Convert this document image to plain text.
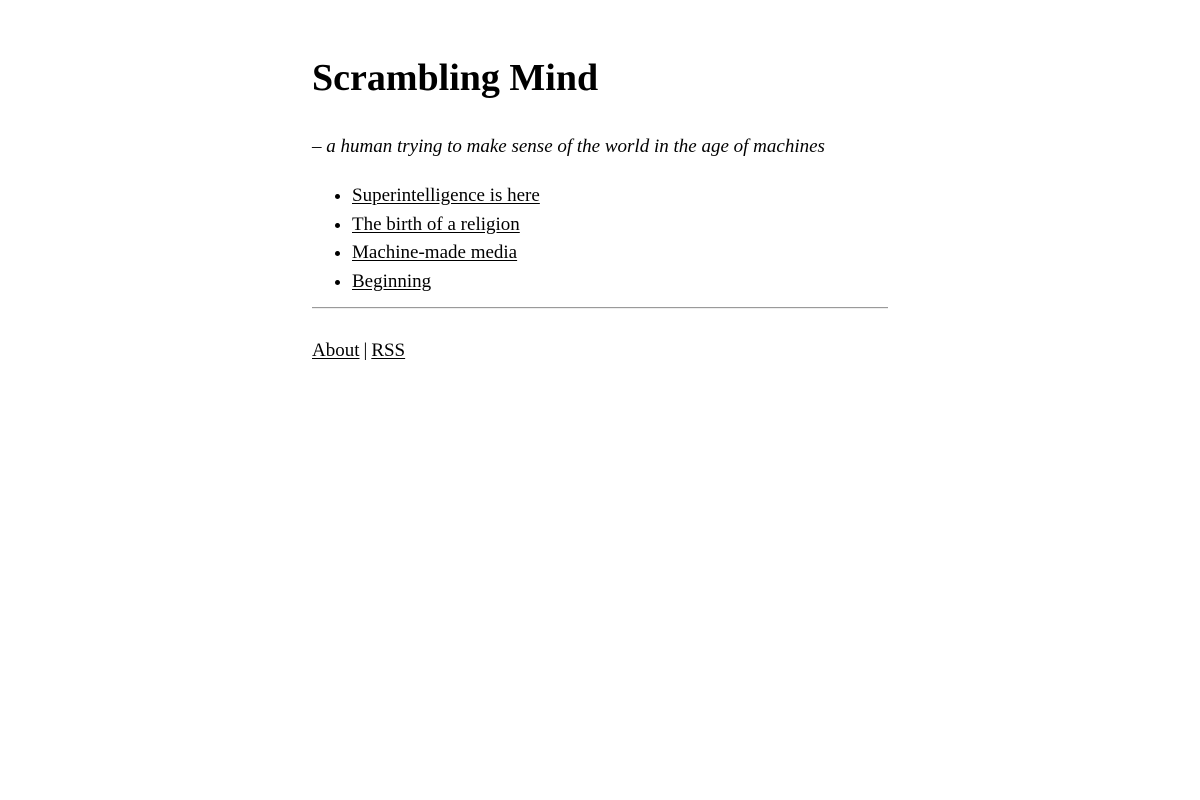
Scrambling Mind

– a human trying to make sense of the world in the age of machines

• Superintelligence is here
• The birth of a religion
• Machine-made media
• Beginning
About | RSS
